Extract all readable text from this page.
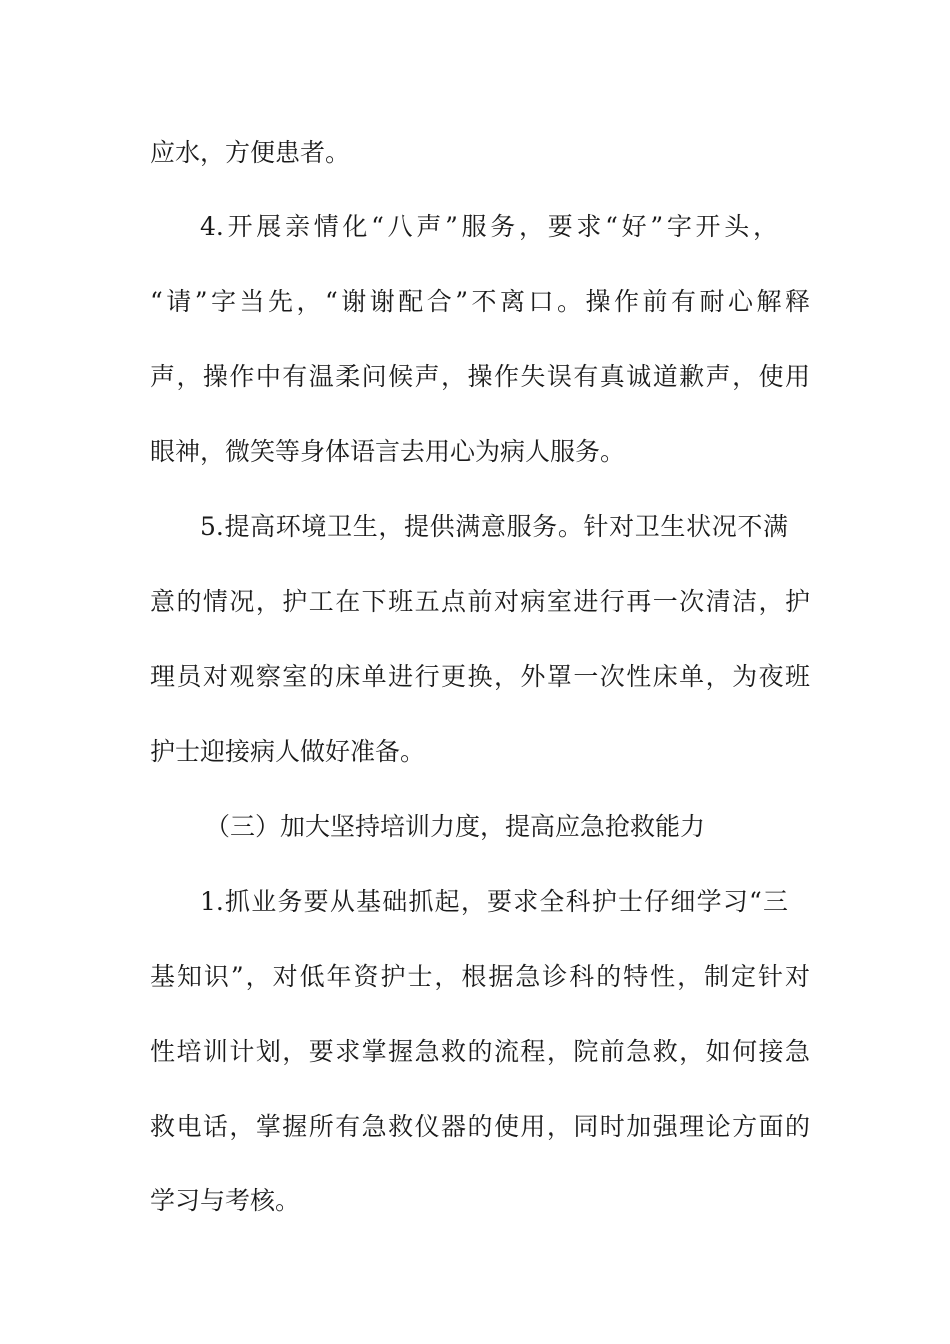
应水，方便患者。
4.开展亲情化“八声”服务，要求“好”字开头，
“请”字当先，“谢谢配合”不离口。操作前有耐心解释
声，操作中有温柔问候声，操作失误有真诚道歉声，使用
眼神，微笑等身体语言去用心为病人服务。
5.提高环境卫生，提供满意服务。针对卫生状况不满
意的情况，护工在下班五点前对病室进行再一次清洁，护
理员对观察室的床单进行更换，外罩一次性床单，为夜班
护士迎接病人做好准备。
（三）加大坚持培训力度，提高应急抢救能力
1.抓业务要从基础抓起，要求全科护士仔细学习“三
基知识”，对低年资护士，根据急诊科的特性，制定针对
性培训计划，要求掌握急救的流程，院前急救，如何接急
救电话，掌握所有急救仪器的使用，同时加强理论方面的
学习与考核。
